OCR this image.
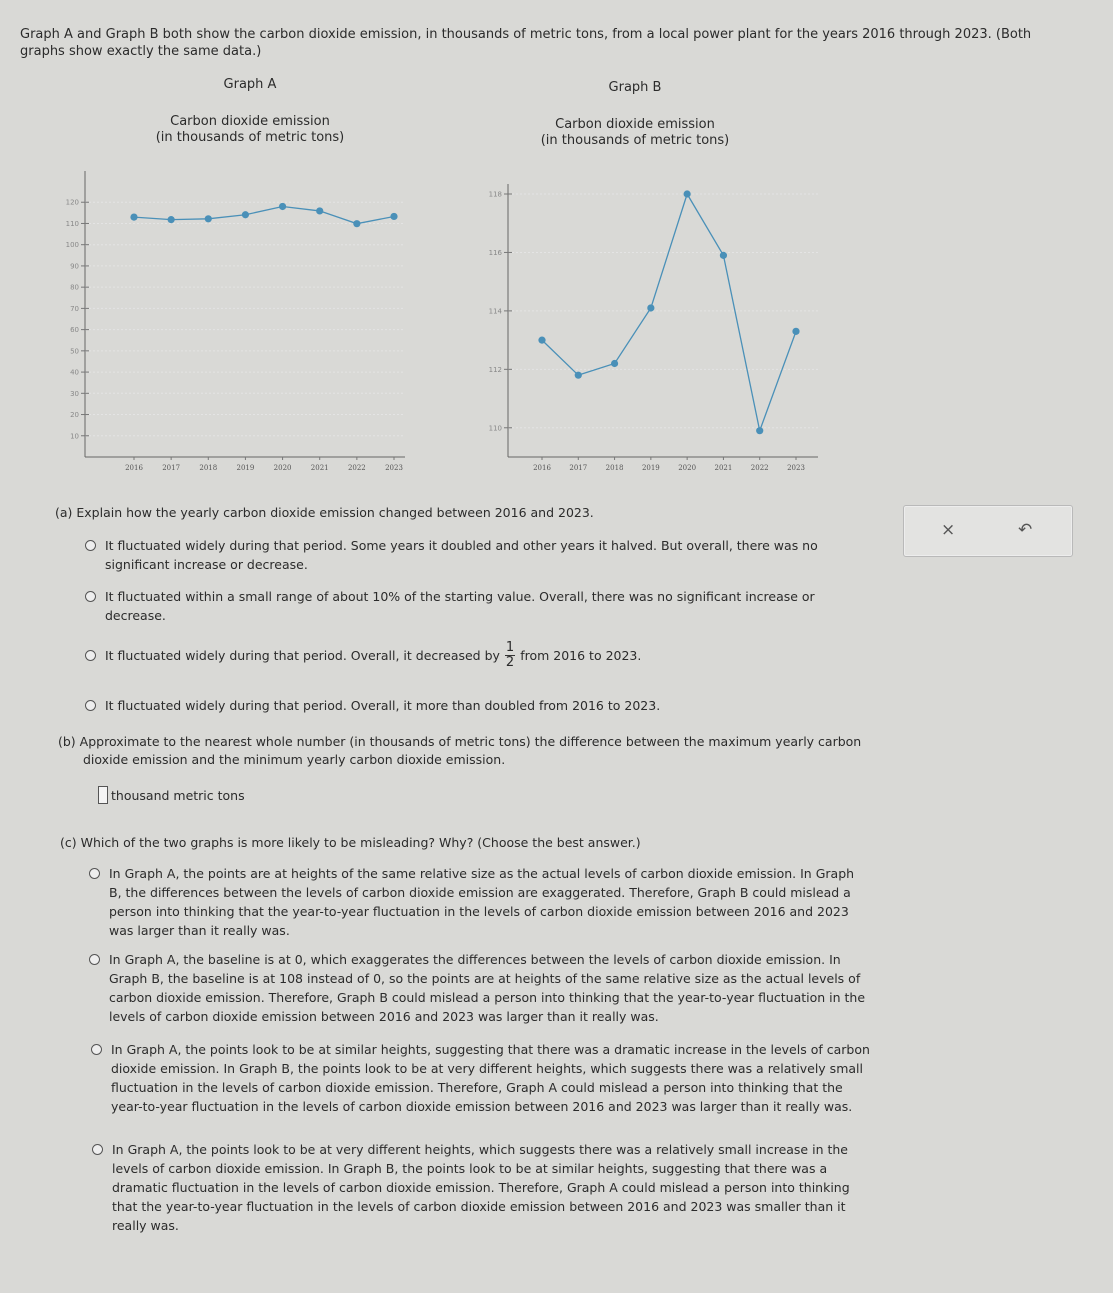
Graph A and Graph B both show the carbon dioxide emission, in thousands of metric tons, from a local power plant for the years 2016 through 2023. (Both graphs show exactly the same data.)
Graph A
Carbon dioxide emission
(in thousands of metric tons)
10
20
30
40
50
60
70
80
90
100
110
120
2016	2017	2018	2019	2020	2021	2022	2023
Graph B
Carbon dioxide emission
(in thousands of metric tons)
110
112
114
116
118
2016	2017	2018	2019	2020	2021	2022	2023
×	↶
(a) Explain how the yearly carbon dioxide emission changed between 2016 and 2023.
It fluctuated widely during that period. Some years it doubled and other years it halved. But overall, there was no significant increase or decrease.
It fluctuated within a small range of about 10% of the starting value. Overall, there was no significant increase or decrease.
It fluctuated widely during that period. Overall, it decreased by $\frac{1}{2}$ from 2016 to 2023.
It fluctuated widely during that period. Overall, it more than doubled from 2016 to 2023.
(b) Approximate to the nearest whole number (in thousands of metric tons) the difference between the maximum yearly carbon dioxide emission and the minimum yearly carbon dioxide emission.
thousand metric tons
(c) Which of the two graphs is more likely to be misleading? Why? (Choose the best answer.)
In Graph A, the points are at heights of the same relative size as the actual levels of carbon dioxide emission. In Graph B, the differences between the levels of carbon dioxide emission are exaggerated. Therefore, Graph B could mislead a person into thinking that the year-to-year fluctuation in the levels of carbon dioxide emission between 2016 and 2023 was larger than it really was.
In Graph A, the baseline is at 0, which exaggerates the differences between the levels of carbon dioxide emission. In Graph B, the baseline is at 108 instead of 0, so the points are at heights of the same relative size as the actual levels of carbon dioxide emission. Therefore, Graph B could mislead a person into thinking that the year-to-year fluctuation in the levels of carbon dioxide emission between 2016 and 2023 was larger than it really was.
In Graph A, the points look to be at similar heights, suggesting that there was a dramatic increase in the levels of carbon dioxide emission. In Graph B, the points look to be at very different heights, which suggests there was a relatively small fluctuation in the levels of carbon dioxide emission. Therefore, Graph A could mislead a person into thinking that the year-to-year fluctuation in the levels of carbon dioxide emission between 2016 and 2023 was larger than it really was.
In Graph A, the points look to be at very different heights, which suggests there was a relatively small increase in the levels of carbon dioxide emission. In Graph B, the points look to be at similar heights, suggesting that there was a dramatic fluctuation in the levels of carbon dioxide emission. Therefore, Graph A could mislead a person into thinking that the year-to-year fluctuation in the levels of carbon dioxide emission between 2016 and 2023 was smaller than it really was.
